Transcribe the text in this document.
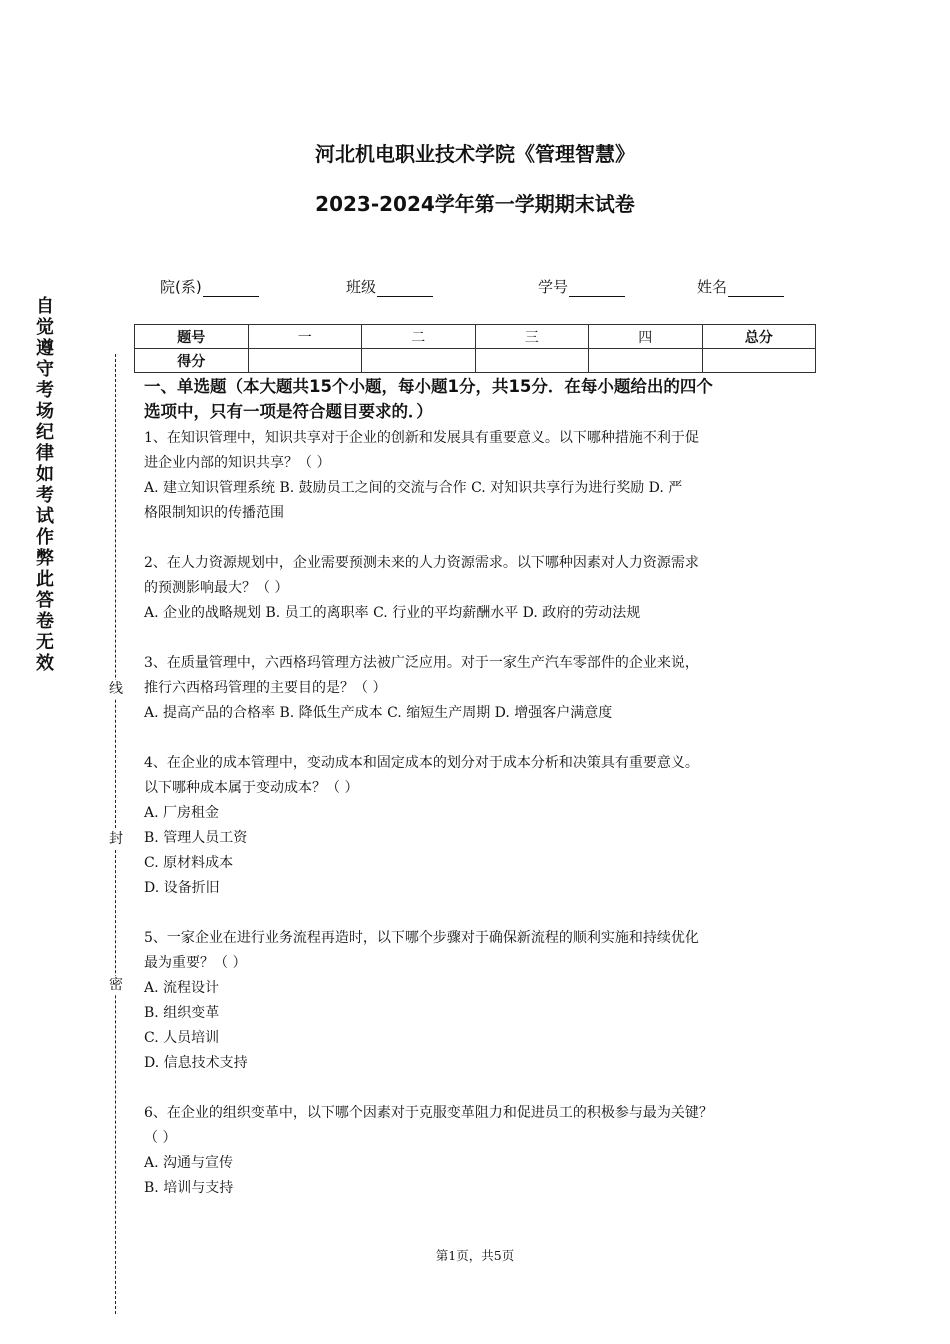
自
觉
遵
守
考
场
纪
律
如
考
试
作
弊
此
答
卷
无
效
线
封
密
河北机电职业技术学院《管理智慧》
2023-2024学年第一学期期末试卷
院(系)	班级	学号	姓名
题号	一	二	三	四	总分
得分					

一、单选题（本大题共15个小题，每小题1分，共15分．在每小题给出的四个
选项中，只有一项是符合题目要求的．）

1、在知识管理中，知识共享对于企业的创新和发展具有重要意义。以下哪种措施不利于促

进企业内部的知识共享？（ ）

A. 建立知识管理系统 B. 鼓励员工之间的交流与合作 C. 对知识共享行为进行奖励 D. 严

格限制知识的传播范围

2、在人力资源规划中，企业需要预测未来的人力资源需求。以下哪种因素对人力资源需求

的预测影响最大？（ ）

A. 企业的战略规划 B. 员工的离职率 C. 行业的平均薪酬水平 D. 政府的劳动法规

3、在质量管理中，六西格玛管理方法被广泛应用。对于一家生产汽车零部件的企业来说，

推行六西格玛管理的主要目的是？（ ）

A. 提高产品的合格率 B. 降低生产成本 C. 缩短生产周期 D. 增强客户满意度

4、在企业的成本管理中，变动成本和固定成本的划分对于成本分析和决策具有重要意义。

以下哪种成本属于变动成本？（ ）

A. 厂房租金

B. 管理人员工资

C. 原材料成本

D. 设备折旧

5、一家企业在进行业务流程再造时，以下哪个步骤对于确保新流程的顺利实施和持续优化

最为重要？（ ）

A. 流程设计

B. 组织变革

C. 人员培训

D. 信息技术支持

6、在企业的组织变革中，以下哪个因素对于克服变革阻力和促进员工的积极参与最为关键？

（ ）

A. 沟通与宣传

B. 培训与支持

第1页，共5页
